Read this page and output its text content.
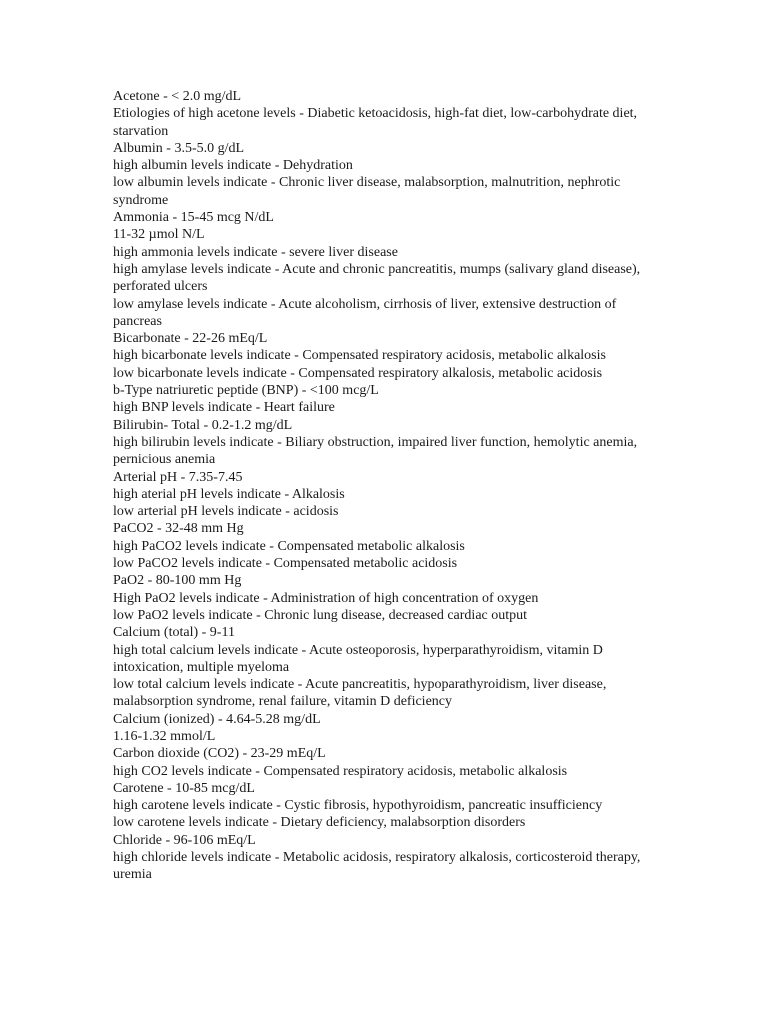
Acetone - < 2.0 mg/dL
Etiologies of high acetone levels - Diabetic ketoacidosis, high-fat diet, low-carbohydrate diet, starvation
Albumin - 3.5-5.0 g/dL
high albumin levels indicate - Dehydration
low albumin levels indicate - Chronic liver disease, malabsorption, malnutrition, nephrotic syndrome
Ammonia - 15-45 mcg N/dL
11-32 µmol N/L
high ammonia levels indicate - severe liver disease
high amylase levels indicate - Acute and chronic pancreatitis, mumps (salivary gland disease), perforated ulcers
low amylase levels indicate - Acute alcoholism, cirrhosis of liver, extensive destruction of pancreas
Bicarbonate - 22-26 mEq/L
high bicarbonate levels indicate - Compensated respiratory acidosis, metabolic alkalosis
low bicarbonate levels indicate - Compensated respiratory alkalosis, metabolic acidosis
b-Type natriuretic peptide (BNP) - <100 mcg/L
high BNP levels indicate - Heart failure
Bilirubin- Total - 0.2-1.2 mg/dL
high bilirubin levels indicate - Biliary obstruction, impaired liver function, hemolytic anemia, pernicious anemia
Arterial pH - 7.35-7.45
high aterial pH levels indicate - Alkalosis
low arterial pH levels indicate - acidosis
PaCO2 - 32-48 mm Hg
high PaCO2 levels indicate - Compensated metabolic alkalosis
low PaCO2 levels indicate - Compensated metabolic acidosis
PaO2 - 80-100 mm Hg
High PaO2 levels indicate - Administration of high concentration of oxygen
low PaO2 levels indicate - Chronic lung disease, decreased cardiac output
Calcium (total) - 9-11
high total calcium levels indicate - Acute osteoporosis, hyperparathyroidism, vitamin D intoxication, multiple myeloma
low total calcium levels indicate - Acute pancreatitis, hypoparathyroidism, liver disease, malabsorption syndrome, renal failure, vitamin D deficiency
Calcium (ionized) - 4.64-5.28 mg/dL
1.16-1.32 mmol/L
Carbon dioxide (CO2) - 23-29 mEq/L
high CO2 levels indicate - Compensated respiratory acidosis, metabolic alkalosis
Carotene - 10-85 mcg/dL
high carotene levels indicate - Cystic fibrosis, hypothyroidism, pancreatic insufficiency
low carotene levels indicate - Dietary deficiency, malabsorption disorders
Chloride - 96-106 mEq/L
high chloride levels indicate - Metabolic acidosis, respiratory alkalosis, corticosteroid therapy, uremia
